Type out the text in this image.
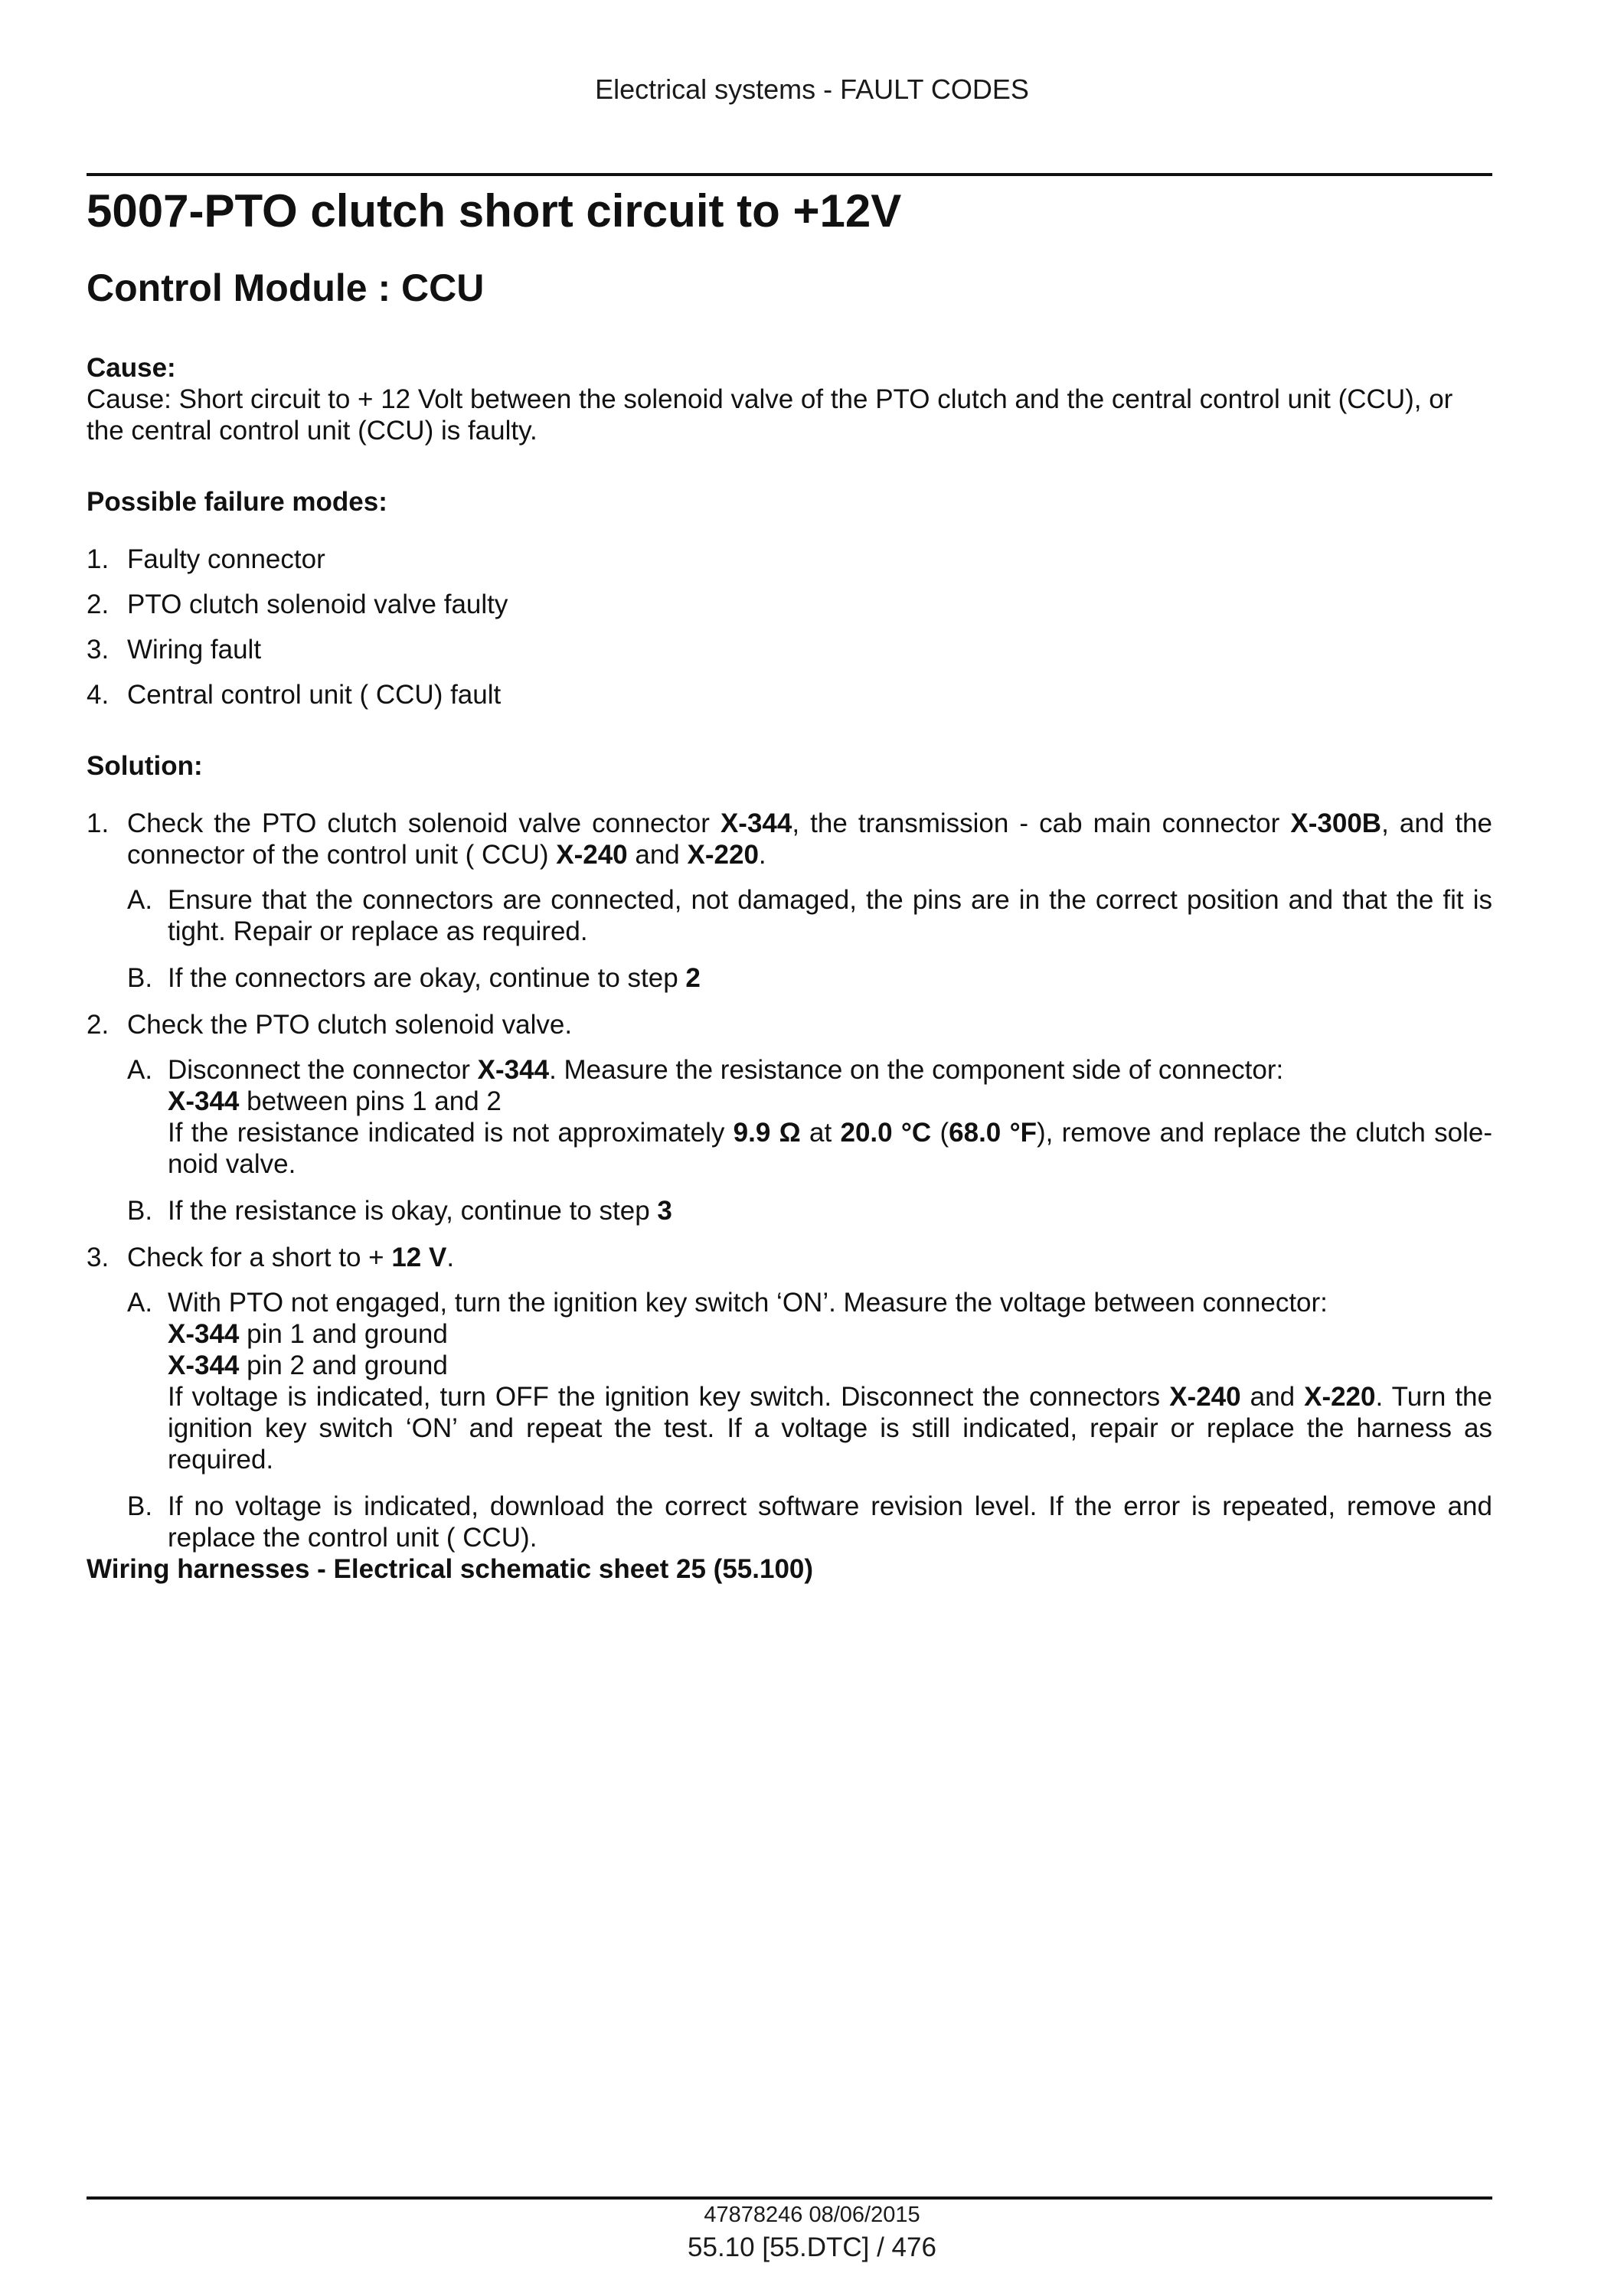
Electrical systems - FAULT CODES
5007-PTO clutch short circuit to +12V
Control Module : CCU
Cause:

Cause: Short circuit to + 12 Volt between the solenoid valve of the PTO clutch and the central control unit (CCU), or the central control unit (CCU) is faulty.

Possible failure modes:
1. Faulty connector
2. PTO clutch solenoid valve faulty
3. Wiring fault
4. Central control unit ( CCU) fault
Solution:
1. Check the PTO clutch solenoid valve connector X-344, the transmission - cab main connector X-300B, and the connector of the control unit ( CCU) X-240 and X-220.
A. Ensure that the connectors are connected, not damaged, the pins are in the correct position and that the fit is tight. Repair or replace as required.
B. If the connectors are okay, continue to step 2
2. Check the PTO clutch solenoid valve.
A. Disconnect the connector X-344. Measure the resistance on the component side of connector:
X-344 between pins 1 and 2
If the resistance indicated is not approximately 9.9 Ω at 20.0 °C (68.0 °F), remove and replace the clutch sole-noid valve.
B. If the resistance is okay, continue to step 3
3. Check for a short to + 12 V.
A. With PTO not engaged, turn the ignition key switch ‘ON’. Measure the voltage between connector:
X-344 pin 1 and ground
X-344 pin 2 and ground
If voltage is indicated, turn OFF the ignition key switch. Disconnect the connectors X-240 and X-220. Turn the ignition key switch ‘ON’ and repeat the test. If a voltage is still indicated, repair or replace the harness as required.
B. If no voltage is indicated, download the correct software revision level. If the error is repeated, remove and replace the control unit ( CCU).
Wiring harnesses - Electrical schematic sheet 25 (55.100)
47878246 08/06/2015
55.10 [55.DTC] / 476
